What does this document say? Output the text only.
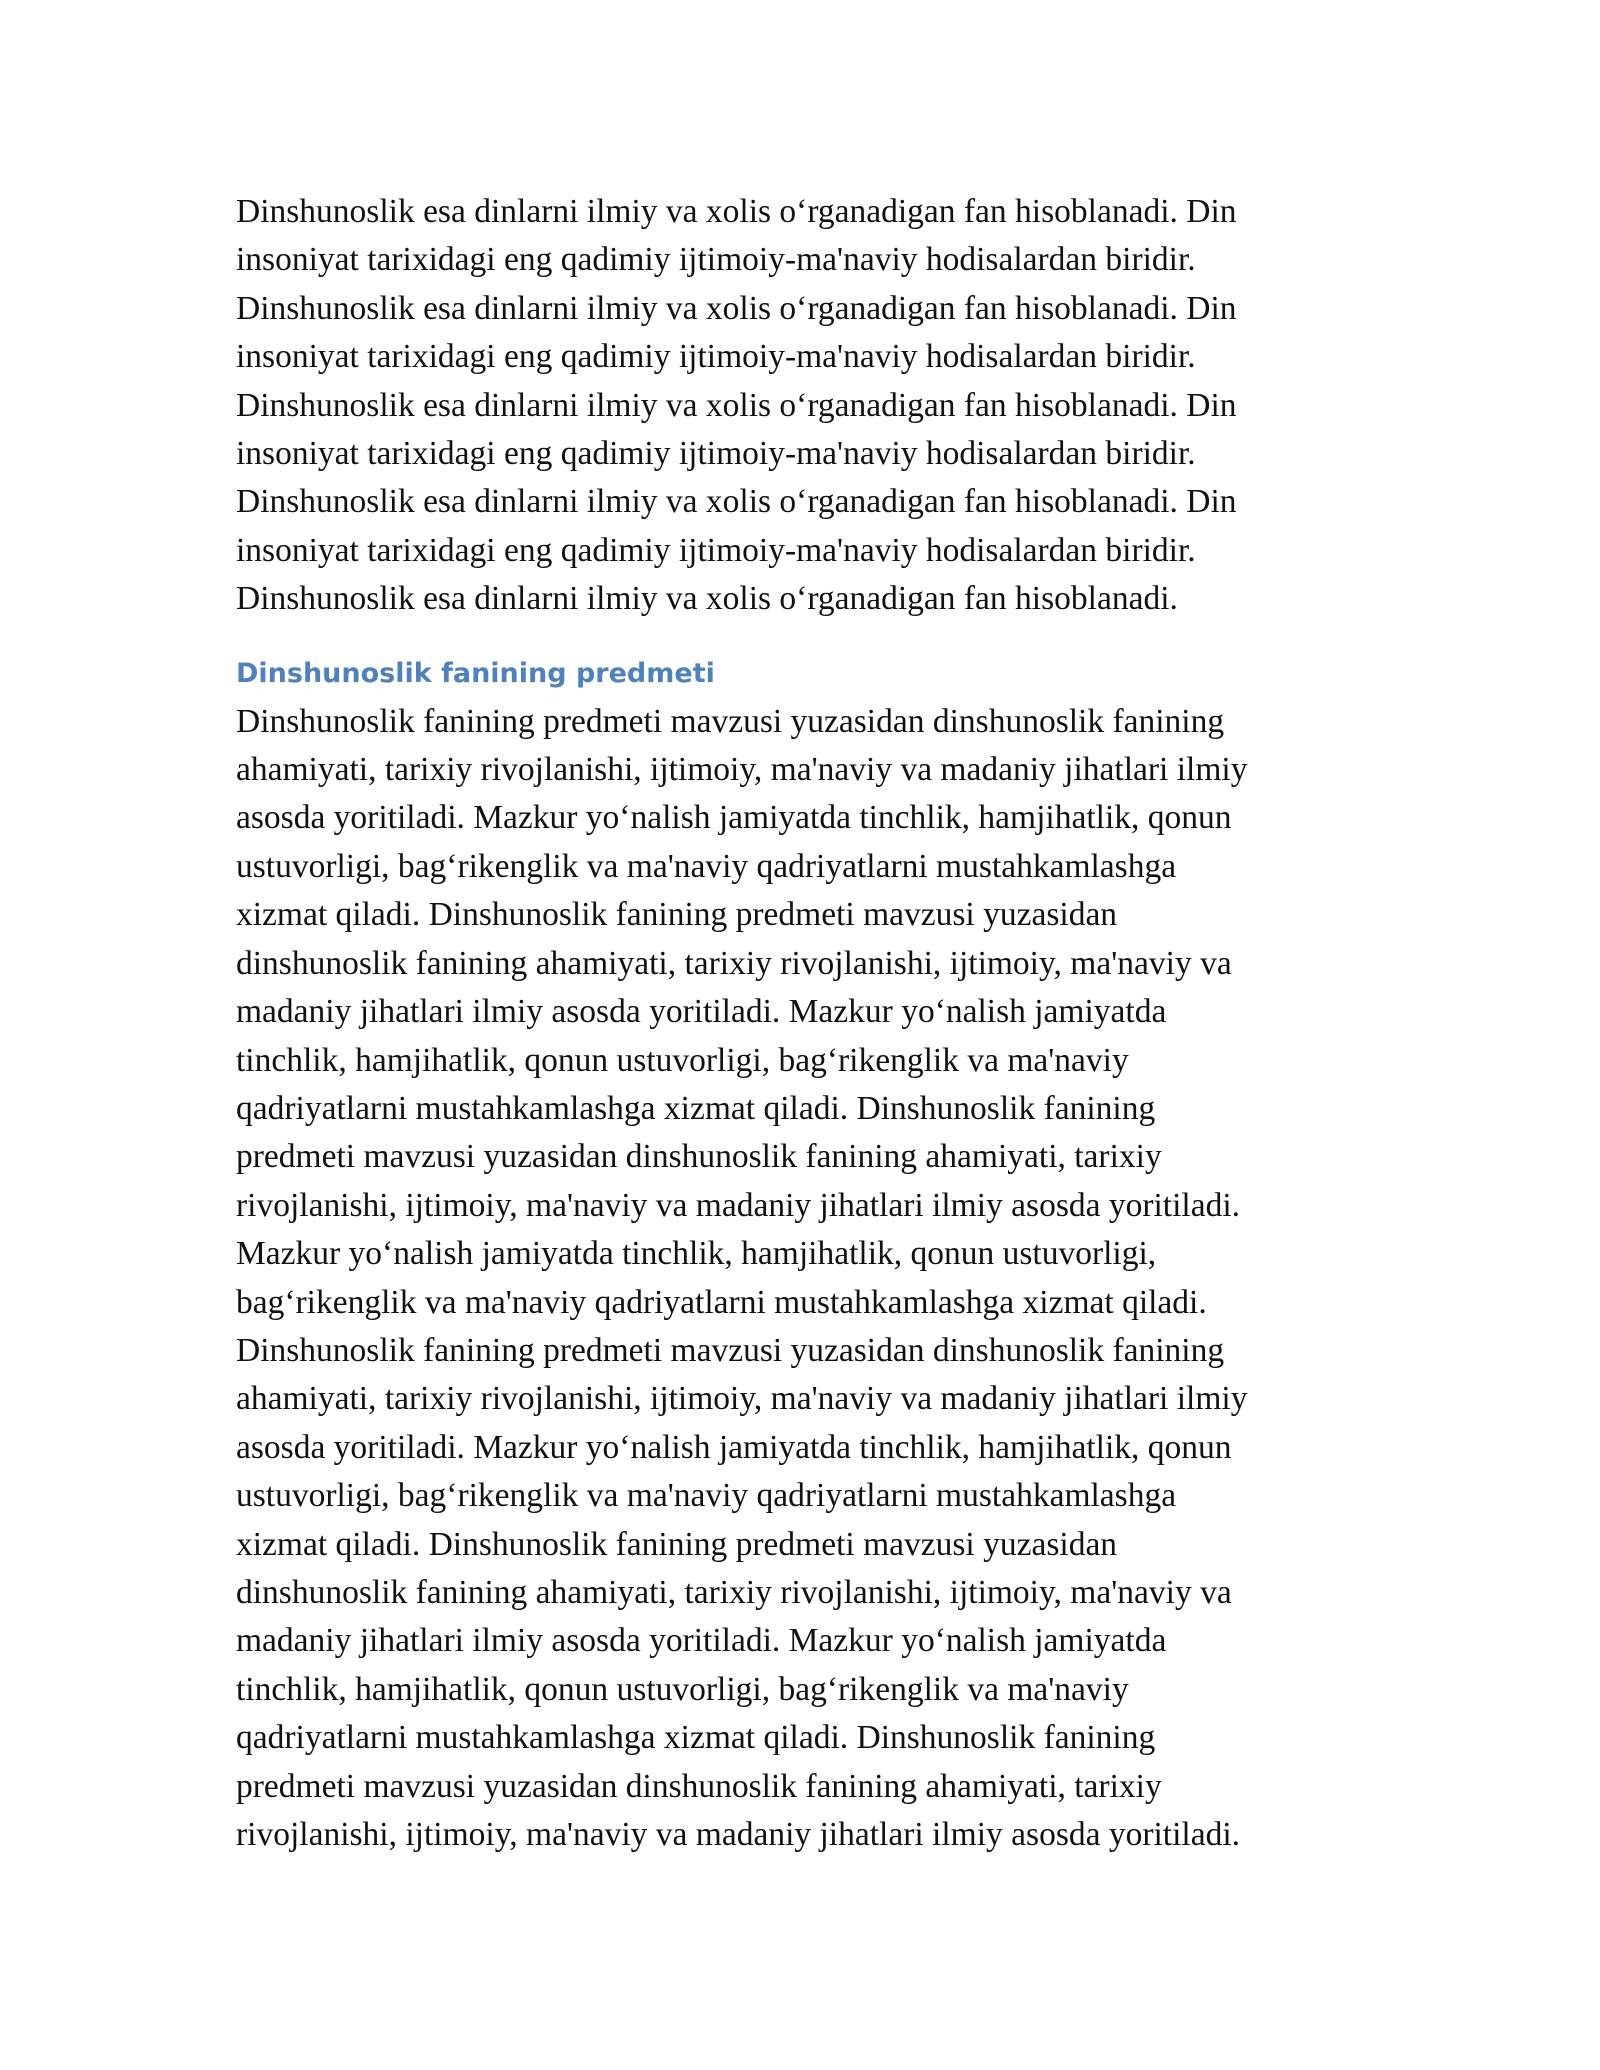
Dinshunoslik esa dinlarni ilmiy va xolis o‘rganadigan fan hisoblanadi. Din
insoniyat tarixidagi eng qadimiy ijtimoiy-ma'naviy hodisalardan biridir.
Dinshunoslik esa dinlarni ilmiy va xolis o‘rganadigan fan hisoblanadi. Din
insoniyat tarixidagi eng qadimiy ijtimoiy-ma'naviy hodisalardan biridir.
Dinshunoslik esa dinlarni ilmiy va xolis o‘rganadigan fan hisoblanadi. Din
insoniyat tarixidagi eng qadimiy ijtimoiy-ma'naviy hodisalardan biridir.
Dinshunoslik esa dinlarni ilmiy va xolis o‘rganadigan fan hisoblanadi. Din
insoniyat tarixidagi eng qadimiy ijtimoiy-ma'naviy hodisalardan biridir.
Dinshunoslik esa dinlarni ilmiy va xolis o‘rganadigan fan hisoblanadi.

Dinshunoslik fanining predmeti

Dinshunoslik fanining predmeti mavzusi yuzasidan dinshunoslik fanining
ahamiyati, tarixiy rivojlanishi, ijtimoiy, ma'naviy va madaniy jihatlari ilmiy
asosda yoritiladi. Mazkur yo‘nalish jamiyatda tinchlik, hamjihatlik, qonun
ustuvorligi, bag‘rikenglik va ma'naviy qadriyatlarni mustahkamlashga
xizmat qiladi. Dinshunoslik fanining predmeti mavzusi yuzasidan
dinshunoslik fanining ahamiyati, tarixiy rivojlanishi, ijtimoiy, ma'naviy va
madaniy jihatlari ilmiy asosda yoritiladi. Mazkur yo‘nalish jamiyatda
tinchlik, hamjihatlik, qonun ustuvorligi, bag‘rikenglik va ma'naviy
qadriyatlarni mustahkamlashga xizmat qiladi. Dinshunoslik fanining
predmeti mavzusi yuzasidan dinshunoslik fanining ahamiyati, tarixiy
rivojlanishi, ijtimoiy, ma'naviy va madaniy jihatlari ilmiy asosda yoritiladi.
Mazkur yo‘nalish jamiyatda tinchlik, hamjihatlik, qonun ustuvorligi,
bag‘rikenglik va ma'naviy qadriyatlarni mustahkamlashga xizmat qiladi.
Dinshunoslik fanining predmeti mavzusi yuzasidan dinshunoslik fanining
ahamiyati, tarixiy rivojlanishi, ijtimoiy, ma'naviy va madaniy jihatlari ilmiy
asosda yoritiladi. Mazkur yo‘nalish jamiyatda tinchlik, hamjihatlik, qonun
ustuvorligi, bag‘rikenglik va ma'naviy qadriyatlarni mustahkamlashga
xizmat qiladi. Dinshunoslik fanining predmeti mavzusi yuzasidan
dinshunoslik fanining ahamiyati, tarixiy rivojlanishi, ijtimoiy, ma'naviy va
madaniy jihatlari ilmiy asosda yoritiladi. Mazkur yo‘nalish jamiyatda
tinchlik, hamjihatlik, qonun ustuvorligi, bag‘rikenglik va ma'naviy
qadriyatlarni mustahkamlashga xizmat qiladi. Dinshunoslik fanining
predmeti mavzusi yuzasidan dinshunoslik fanining ahamiyati, tarixiy
rivojlanishi, ijtimoiy, ma'naviy va madaniy jihatlari ilmiy asosda yoritiladi.
